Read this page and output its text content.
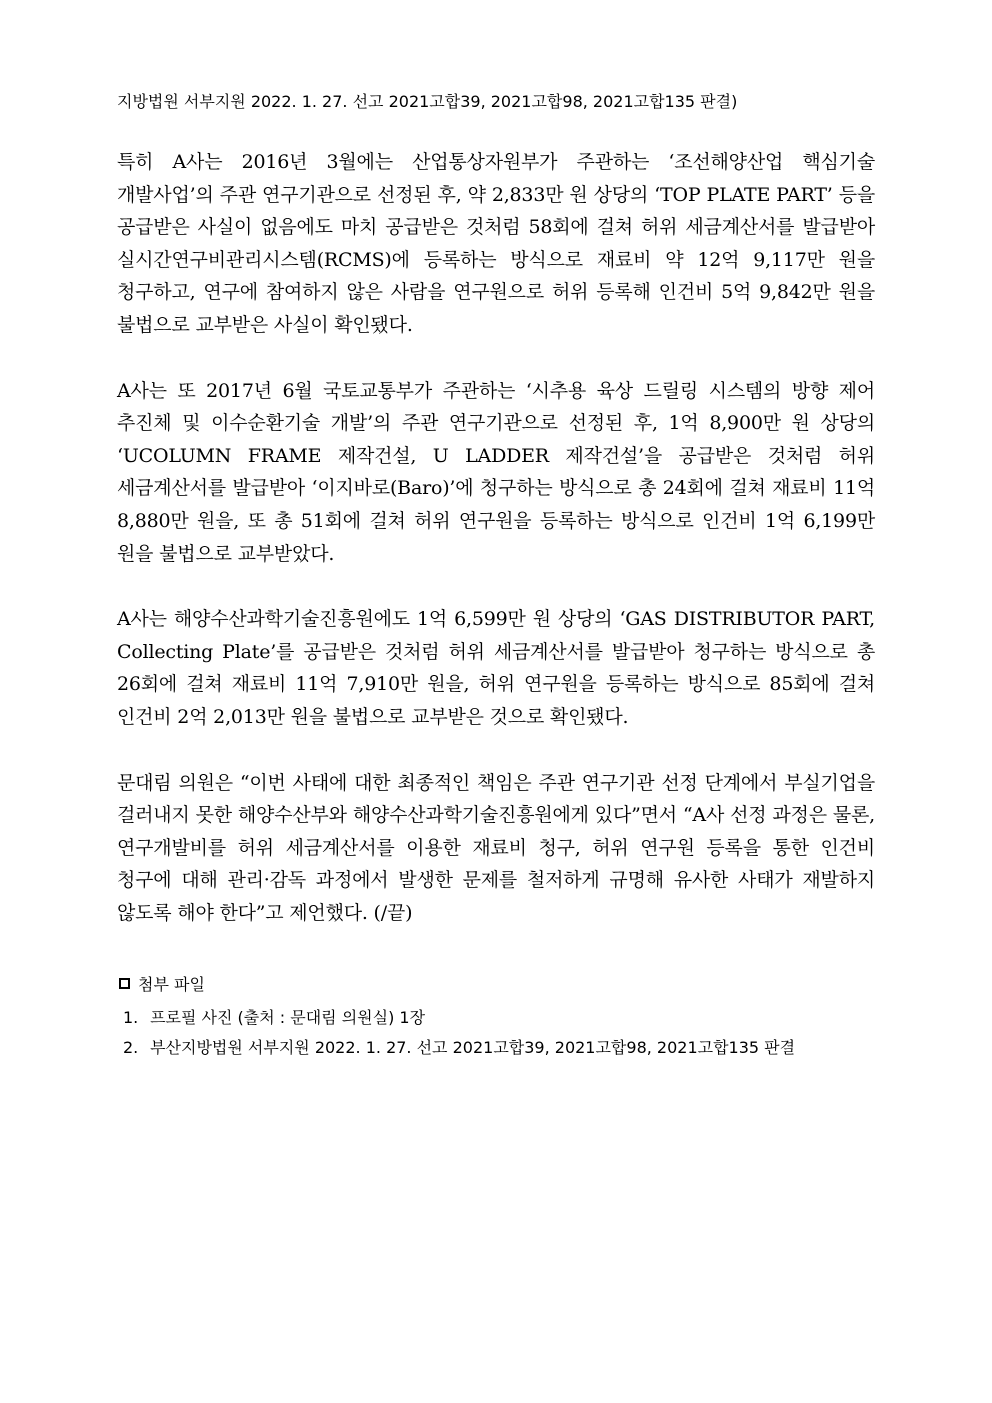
지방법원 서부지원 2022. 1. 27. 선고 2021고합39, 2021고합98, 2021고합135 판결)

특히 A사는 2016년 3월에는 산업통상자원부가 주관하는 ‘조선해양산업 핵심기술 개발사업’의 주관 연구기관으로 선정된 후, 약 2,833만 원 상당의 ‘TOP PLATE PART’ 등을 공급받은 사실이 없음에도 마치 공급받은 것처럼 58회에 걸쳐 허위 세금계산서를 발급받아 실시간연구비관리시스템(RCMS)에 등록하는 방식으로 재료비 약 12억 9,117만 원을 청구하고, 연구에 참여하지 않은 사람을 연구원으로 허위 등록해 인건비 5억 9,842만 원을 불법으로 교부받은 사실이 확인됐다.

A사는 또 2017년 6월 국토교통부가 주관하는 ‘시추용 육상 드릴링 시스템의 방향 제어 추진체 및 이수순환기술 개발’의 주관 연구기관으로 선정된 후, 1억 8,900만 원 상당의 ‘UCOLUMN FRAME 제작건설, U LADDER 제작건설’을 공급받은 것처럼 허위 세금계산서를 발급받아 ‘이지바로(Baro)’에 청구하는 방식으로 총 24회에 걸쳐 재료비 11억 8,880만 원을, 또 총 51회에 걸쳐 허위 연구원을 등록하는 방식으로 인건비 1억 6,199만 원을 불법으로 교부받았다.

A사는 해양수산과학기술진흥원에도 1억 6,599만 원 상당의 ‘GAS DISTRIBUTOR PART, Collecting Plate’를 공급받은 것처럼 허위 세금계산서를 발급받아 청구하는 방식으로 총 26회에 걸쳐 재료비 11억 7,910만 원을, 허위 연구원을 등록하는 방식으로 85회에 걸쳐 인건비 2억 2,013만 원을 불법으로 교부받은 것으로 확인됐다.

문대림 의원은 “이번 사태에 대한 최종적인 책임은 주관 연구기관 선정 단계에서 부실기업을 걸러내지 못한 해양수산부와 해양수산과학기술진흥원에게 있다”면서 “A사 선정 과정은 물론, 연구개발비를 허위 세금계산서를 이용한 재료비 청구, 허위 연구원 등록을 통한 인건비 청구에 대해 관리·감독 과정에서 발생한 문제를 철저하게 규명해 유사한 사태가 재발하지 않도록 해야 한다”고 제언했다. (/끝)

첨부 파일
1. 프로필 사진 (출처 : 문대림 의원실) 1장
2. 부산지방법원 서부지원 2022. 1. 27. 선고 2021고합39, 2021고합98, 2021고합135 판결
